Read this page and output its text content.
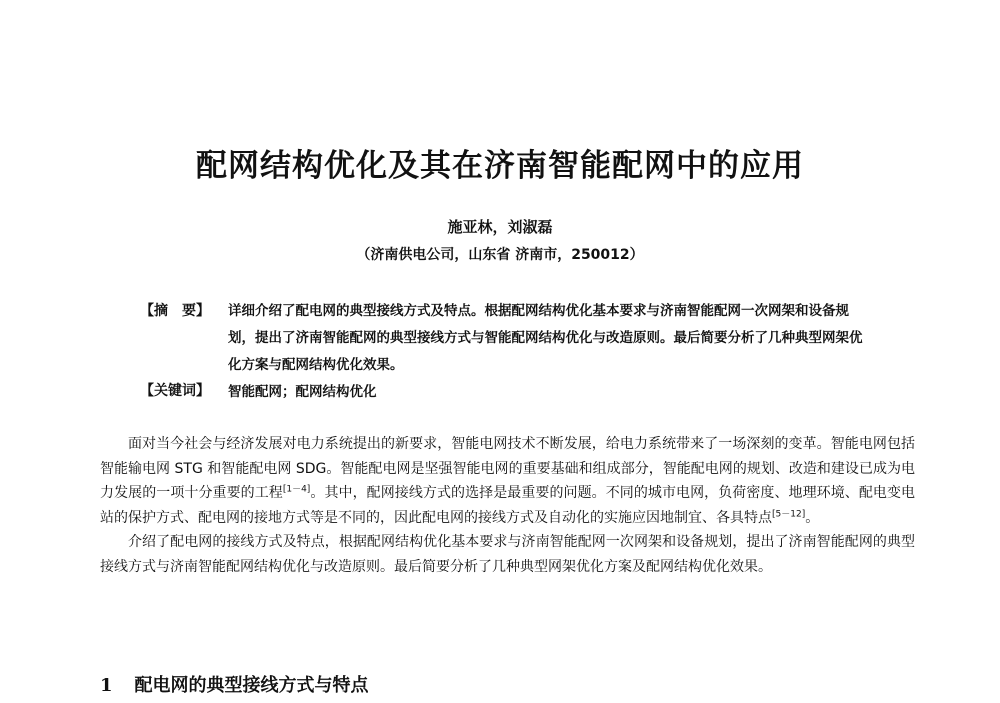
配网结构优化及其在济南智能配网中的应用
施亚林，刘淑磊
（济南供电公司，山东省 济南市，250012）
【摘　要】 详细介绍了配电网的典型接线方式及特点。根据配网结构优化基本要求与济南智能配网一次网架和设备规划，提出了济南智能配网的典型接线方式与智能配网结构优化与改造原则。最后简要分析了几种典型网架优化方案与配网结构优化效果。
【关键词】 智能配网；配网结构优化

面对当今社会与经济发展对电力系统提出的新要求，智能电网技术不断发展，给电力系统带来了一场深刻的变革。智能电网包括智能输电网 STG 和智能配电网 SDG。智能配电网是坚强智能电网的重要基础和组成部分，智能配电网的规划、改造和建设已成为电力发展的一项十分重要的工程[1－4]。其中，配网接线方式的选择是最重要的问题。不同的城市电网，负荷密度、地理环境、配电变电站的保护方式、配电网的接地方式等是不同的，因此配电网的接线方式及自动化的实施应因地制宜、各具特点[5－12]。

介绍了配电网的接线方式及特点，根据配网结构优化基本要求与济南智能配网一次网架和设备规划，提出了济南智能配网的典型接线方式与济南智能配网结构优化与改造原则。最后简要分析了几种典型网架优化方案及配网结构优化效果。

1 配电网的典型接线方式与特点
